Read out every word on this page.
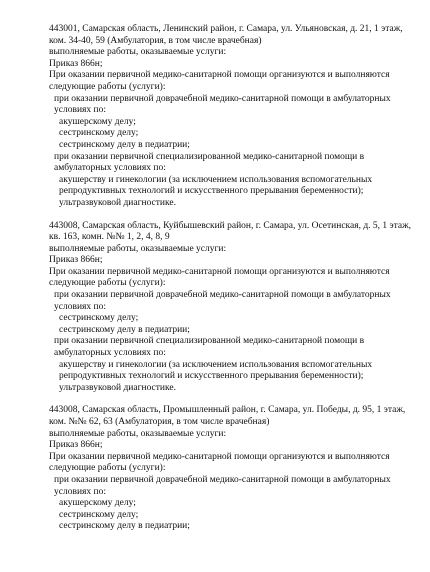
443001, Самарская область, Ленинский район, г. Самара, ул. Ульяновская, д. 21, 1 этаж, ком. 34-40, 59 (Амбулатория, в том числе врачебная)
выполняемые работы, оказываемые услуги:
Приказ 866н;
При оказании первичной медико-санитарной помощи организуются и выполняются следующие работы (услуги):
при оказании первичной доврачебной медико-санитарной помощи в амбулаторных условиях по:
акушерскому делу;
сестринскому делу;
сестринскому делу в педиатрии;
при оказании первичной специализированной медико-санитарной помощи в амбулаторных условиях по:
акушерству и гинекологии (за исключением использования вспомогательных репродуктивных технологий и искусственного прерывания беременности);
ультразвуковой диагностике.
443008, Самарская область, Куйбышевский район, г. Самара, ул. Осетинская, д. 5, 1 этаж, кв. 163, комн. №№ 1, 2, 4, 8, 9
выполняемые работы, оказываемые услуги:
Приказ 866н;
При оказании первичной медико-санитарной помощи организуются и выполняются следующие работы (услуги):
при оказании первичной доврачебной медико-санитарной помощи в амбулаторных условиях по:
сестринскому делу;
сестринскому делу в педиатрии;
при оказании первичной специализированной медико-санитарной помощи в амбулаторных условиях по:
акушерству и гинекологии (за исключением использования вспомогательных репродуктивных технологий и искусственного прерывания беременности);
ультразвуковой диагностике.
443008, Самарская область, Промышленный район, г. Самара, ул. Победы, д. 95, 1 этаж, ком. №№ 62, 63 (Амбулатория, в том числе врачебная)
выполняемые работы, оказываемые услуги:
Приказ 866н;
При оказании первичной медико-санитарной помощи организуются и выполняются следующие работы (услуги):
при оказании первичной доврачебной медико-санитарной помощи в амбулаторных условиях по:
акушерскому делу;
сестринскому делу;
сестринскому делу в педиатрии;
